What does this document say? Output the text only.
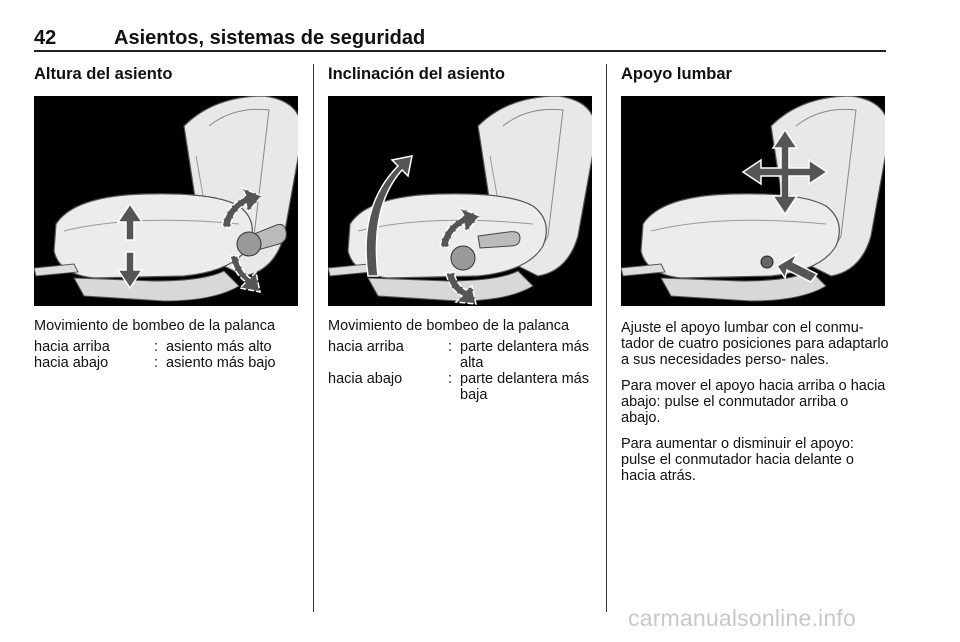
42	Asientos, sistemas de seguridad
Altura del asiento
Movimiento de bombeo de la palanca
hacia arriba	: asiento más alto
hacia abajo	: asiento más bajo
Inclinación del asiento
Movimiento de bombeo de la palanca
hacia arriba	: parte delantera más alta
hacia abajo	: parte delantera más baja
Apoyo lumbar

Ajuste el apoyo lumbar con el conmu- tador de cuatro posiciones para adaptarlo a sus necesidades perso- nales.

Para mover el apoyo hacia arriba o hacia abajo: pulse el conmutador arriba o abajo.

Para aumentar o disminuir el apoyo: pulse el conmutador hacia delante o hacia atrás.

carmanualsonline.info
